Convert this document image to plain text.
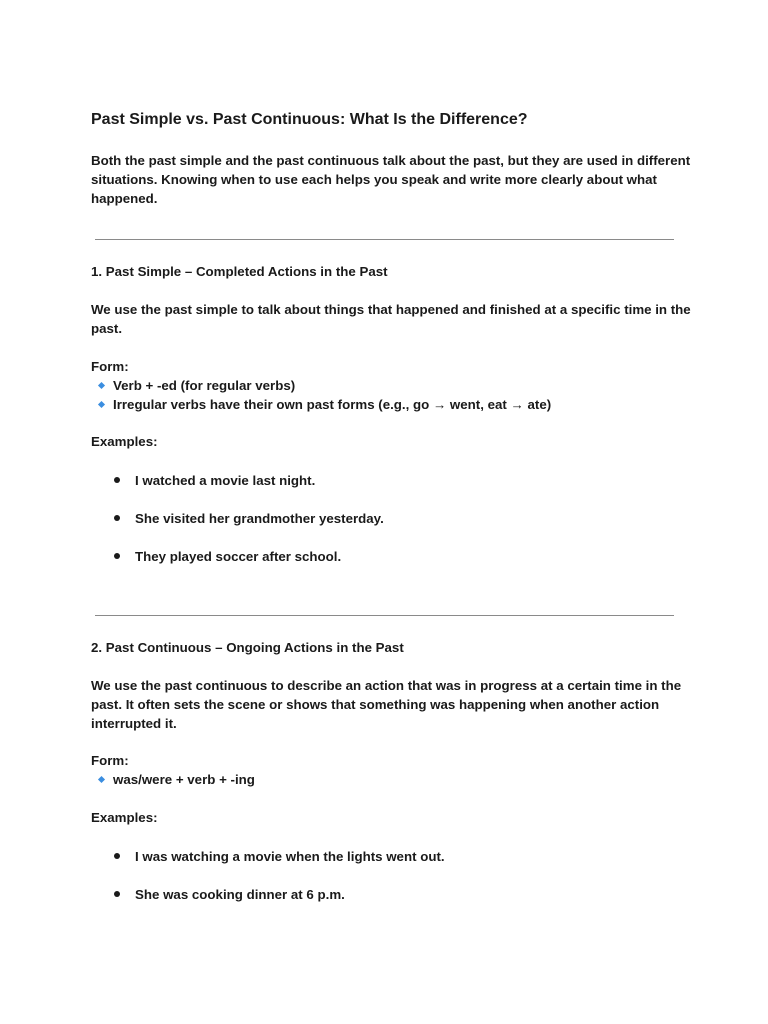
Past Simple vs. Past Continuous: What Is the Difference?
Both the past simple and the past continuous talk about the past, but they are used in different situations. Knowing when to use each helps you speak and write more clearly about what happened.
1. Past Simple – Completed Actions in the Past
We use the past simple to talk about things that happened and finished at a specific time in the past.
Form:
Verb + -ed (for regular verbs)
Irregular verbs have their own past forms (e.g., go → went, eat → ate)
Examples:
I watched a movie last night.
She visited her grandmother yesterday.
They played soccer after school.
2. Past Continuous – Ongoing Actions in the Past
We use the past continuous to describe an action that was in progress at a certain time in the past. It often sets the scene or shows that something was happening when another action interrupted it.
Form:
was/were + verb + -ing
Examples:
I was watching a movie when the lights went out.
She was cooking dinner at 6 p.m.
